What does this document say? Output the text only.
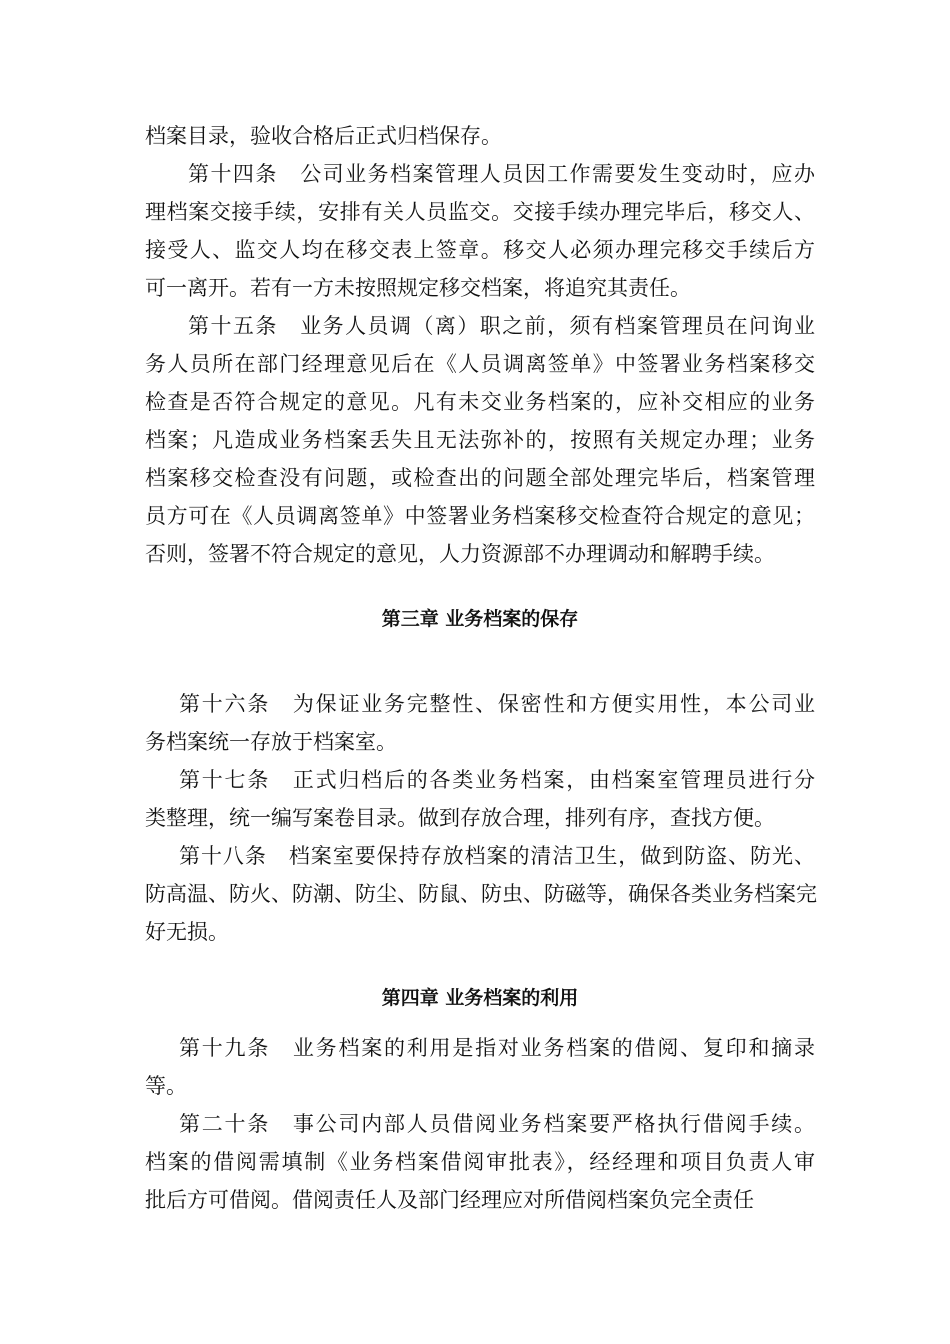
档案目录，验收合格后正式归档保存。
第十四条　公司业务档案管理人员因工作需要发生变动时，应办
理档案交接手续，安排有关人员监交。交接手续办理完毕后，移交人、
接受人、监交人均在移交表上签章。移交人必须办理完移交手续后方
可一离开。若有一方未按照规定移交档案，将追究其责任。
第十五条　业务人员调（离）职之前，须有档案管理员在问询业
务人员所在部门经理意见后在《人员调离签单》中签署业务档案移交
检查是否符合规定的意见。凡有未交业务档案的，应补交相应的业务
档案；凡造成业务档案丢失且无法弥补的，按照有关规定办理；业务
档案移交检查没有问题，或检查出的问题全部处理完毕后，档案管理
员方可在《人员调离签单》中签署业务档案移交检查符合规定的意见；
否则，签署不符合规定的意见，人力资源部不办理调动和解聘手续。
第三章 业务档案的保存
第十六条　为保证业务完整性、保密性和方便实用性，本公司业
务档案统一存放于档案室。
第十七条　正式归档后的各类业务档案，由档案室管理员进行分
类整理，统一编写案卷目录。做到存放合理，排列有序，查找方便。
第十八条　档案室要保持存放档案的清洁卫生，做到防盗、防光、
防高温、防火、防潮、防尘、防鼠、防虫、防磁等，确保各类业务档案完
好无损。
第四章 业务档案的利用
第十九条　业务档案的利用是指对业务档案的借阅、复印和摘录
等。
第二十条　事公司内部人员借阅业务档案要严格执行借阅手续。
档案的借阅需填制《业务档案借阅审批表》，经经理和项目负责人审
批后方可借阅。借阅责任人及部门经理应对所借阅档案负完全责任
